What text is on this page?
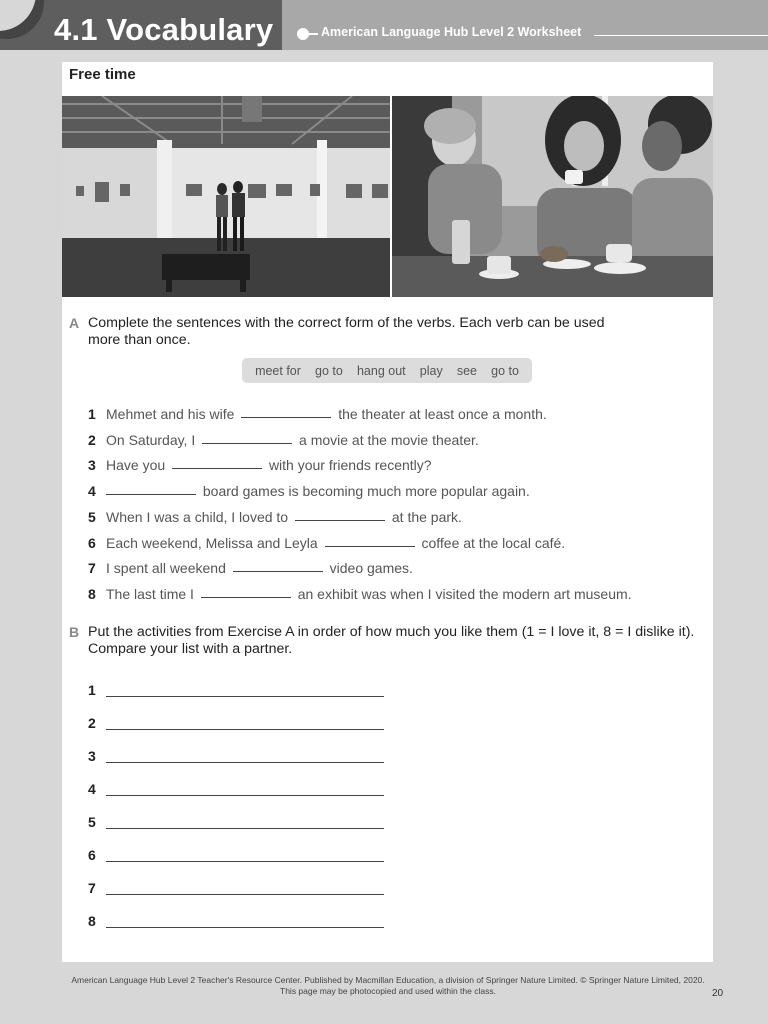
4.1 Vocabulary	American Language Hub Level 2 Worksheet
Free time
A Complete the sentences with the correct form of the verbs. Each verb can be used
more than once.
meet for go to hang out play see go to
1 Mehmet and his wife	the theater at least once a month.
2 On Saturday, I	a movie at the movie theater.
3 Have you	with your friends recently?
4	board games is becoming much more popular again.
5 When I was a child, I loved to	at the park.
6 Each weekend, Melissa and Leyla	coffee at the local café.
7 I spent all weekend	video games.
8 The last time I	an exhibit was when I visited the modern art museum.
B Put the activities from Exercise A in order of how much you like them (1 = I love it, 8 = I dislike it).
Compare your list with a partner.
1
2
3
4
5
6
7
8
American Language Hub Level 2 Teacher's Resource Center. Published by Macmillan Education, a division of Springer Nature Limited. © Springer Nature Limited, 2020.
This page may be photocopied and used within the class.	20
